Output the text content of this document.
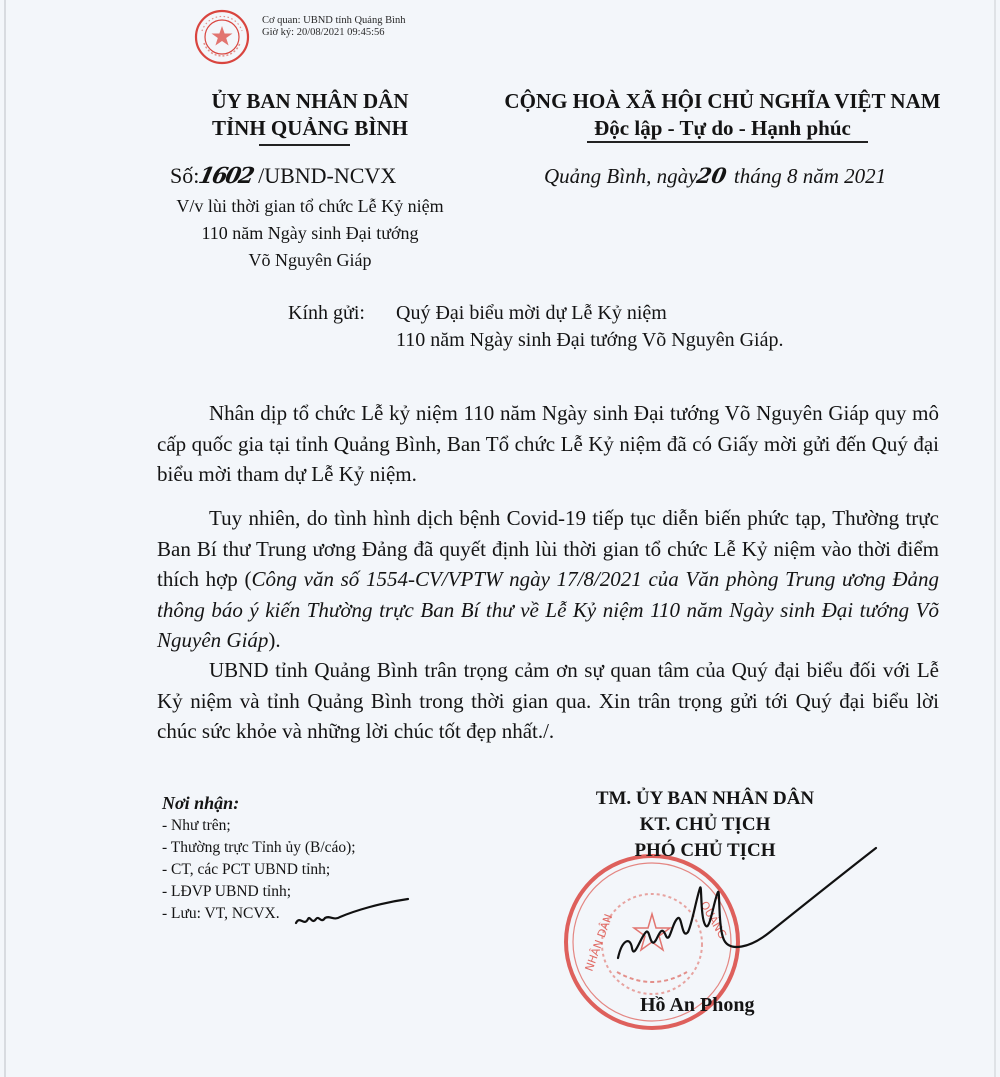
Cơ quan: UBND tỉnh Quảng Bình
Giờ ký: 20/08/2021 09:45:56
ỦY BAN NHÂN DÂN
TỈNH QUẢNG BÌNH
CỘNG HOÀ XÃ HỘI CHỦ NGHĨA VIỆT NAM
Độc lập - Tự do - Hạnh phúc
Số:1602 /UBND-NCVX
V/v lùi thời gian tổ chức Lễ Kỷ niệm
110 năm Ngày sinh Đại tướng
Võ Nguyên Giáp
Quảng Bình, ngày20 tháng 8 năm 2021
Kính gửi: Quý Đại biểu mời dự Lễ Kỷ niệm
110 năm Ngày sinh Đại tướng Võ Nguyên Giáp.

Nhân dịp tổ chức Lễ kỷ niệm 110 năm Ngày sinh Đại tướng Võ Nguyên Giáp quy mô cấp quốc gia tại tỉnh Quảng Bình, Ban Tổ chức Lễ Kỷ niệm đã có Giấy mời gửi đến Quý đại biểu mời tham dự Lễ Kỷ niệm.

Tuy nhiên, do tình hình dịch bệnh Covid-19 tiếp tục diễn biến phức tạp, Thường trực Ban Bí thư Trung ương Đảng đã quyết định lùi thời gian tổ chức Lễ Kỷ niệm vào thời điểm thích hợp (Công văn số 1554-CV/VPTW ngày 17/8/2021 của Văn phòng Trung ương Đảng thông báo ý kiến Thường trực Ban Bí thư về Lễ Kỷ niệm 110 năm Ngày sinh Đại tướng Võ Nguyên Giáp).

UBND tỉnh Quảng Bình trân trọng cảm ơn sự quan tâm của Quý đại biểu đối với Lễ Kỷ niệm và tỉnh Quảng Bình trong thời gian qua. Xin trân trọng gửi tới Quý đại biểu lời chúc sức khỏe và những lời chúc tốt đẹp nhất./.

Nơi nhận:
- Như trên;
- Thường trực Tỉnh ủy (B/cáo);
- CT, các PCT UBND tỉnh;
- LĐVP UBND tỉnh;
- Lưu: VT, NCVX.	NHÂN DÂN	QUẢNG
TM. ỦY BAN NHÂN DÂN
KT. CHỦ TỊCH
PHÓ CHỦ TỊCH
Hồ An Phong
